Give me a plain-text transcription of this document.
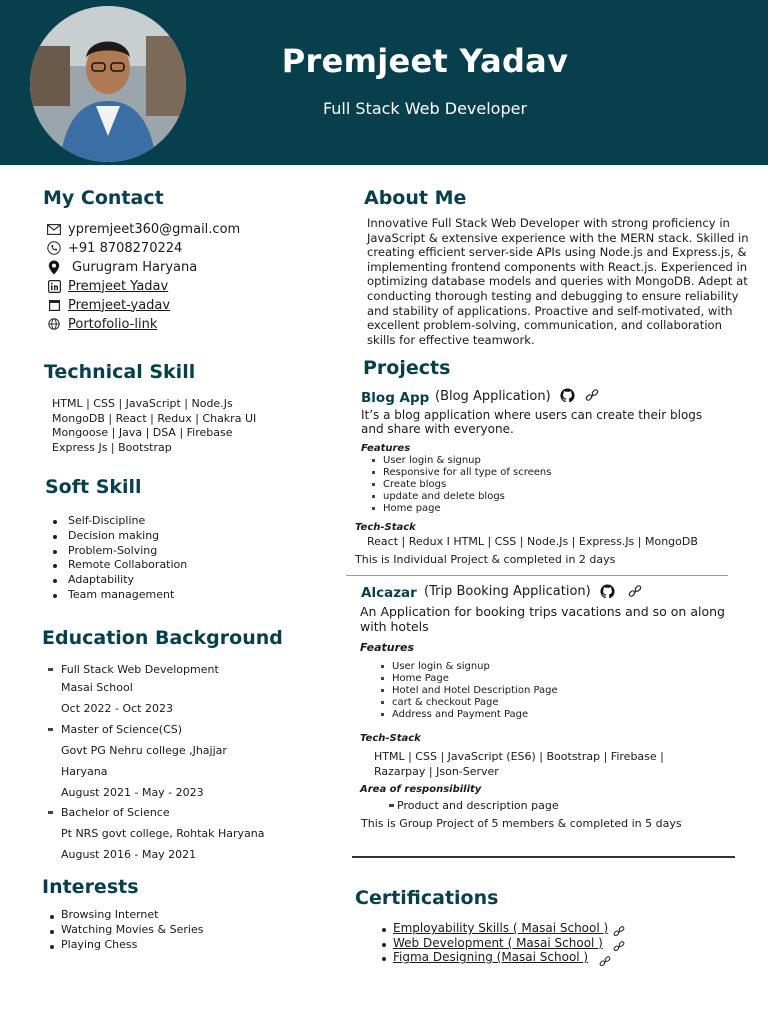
Premjeet Yadav
Full Stack Web Developer
My Contact
ypremjeet360@gmail.com
+91 8708270224
Gurugram Haryana
Premjeet Yadav
Premjeet-yadav
Portofolio-link
Technical Skill
HTML | CSS | JavaScript | Node.Js
MongoDB | React | Redux | Chakra UI
Mongoose | Java | DSA | Firebase
Express Js | Bootstrap
Soft Skill
Self-Discipline
Decision making
Problem-Solving
Remote Collaboration
Adaptability
Team management
Education Background
Full Stack Web Development
Masai School
Oct 2022 - Oct 2023
Master of Science(CS)
Govt PG Nehru college ,Jhajjar
Haryana
August 2021 - May - 2023
Bachelor of Science
Pt NRS govt college, Rohtak Haryana
August 2016 - May 2021
Interests
Browsing Internet
Watching Movies & Series
Playing Chess
About Me
Innovative Full Stack Web Developer with strong proficiency in
JavaScript & extensive experience with the MERN stack. Skilled in
creating efficient server-side APIs using Node.js and Express.js, &
implementing frontend components with React.js. Experienced in
optimizing database models and queries with MongoDB. Adept at
conducting thorough testing and debugging to ensure reliability
and stability of applications. Proactive and self-motivated, with
excellent problem-solving, communication, and collaboration
skills for effective teamwork.
Projects
Blog App (Blog Application)
It’s a blog application where users can create their blogs
and share with everyone.
Features
User login & signup
Responsive for all type of screens
Create blogs
update and delete blogs
Home page
Tech-Stack
React | Redux I HTML | CSS | Node.Js | Express.Js | MongoDB
This is Individual Project & completed in 2 days
Alcazar (Trip Booking Application)
An Application for booking trips vacations and so on along
with hotels
Features
User login & signup
Home Page
Hotel and Hotel Description Page
cart & checkout Page
Address and Payment Page
Tech-Stack
HTML | CSS | JavaScript (ES6) | Bootstrap | Firebase |
Razarpay | Json-Server
Area of responsibility
Product and description page
This is Group Project of 5 members & completed in 5 days
Certifications
Employability Skills ( Masai School )
Web Development ( Masai School )
Figma Designing (Masai School )
